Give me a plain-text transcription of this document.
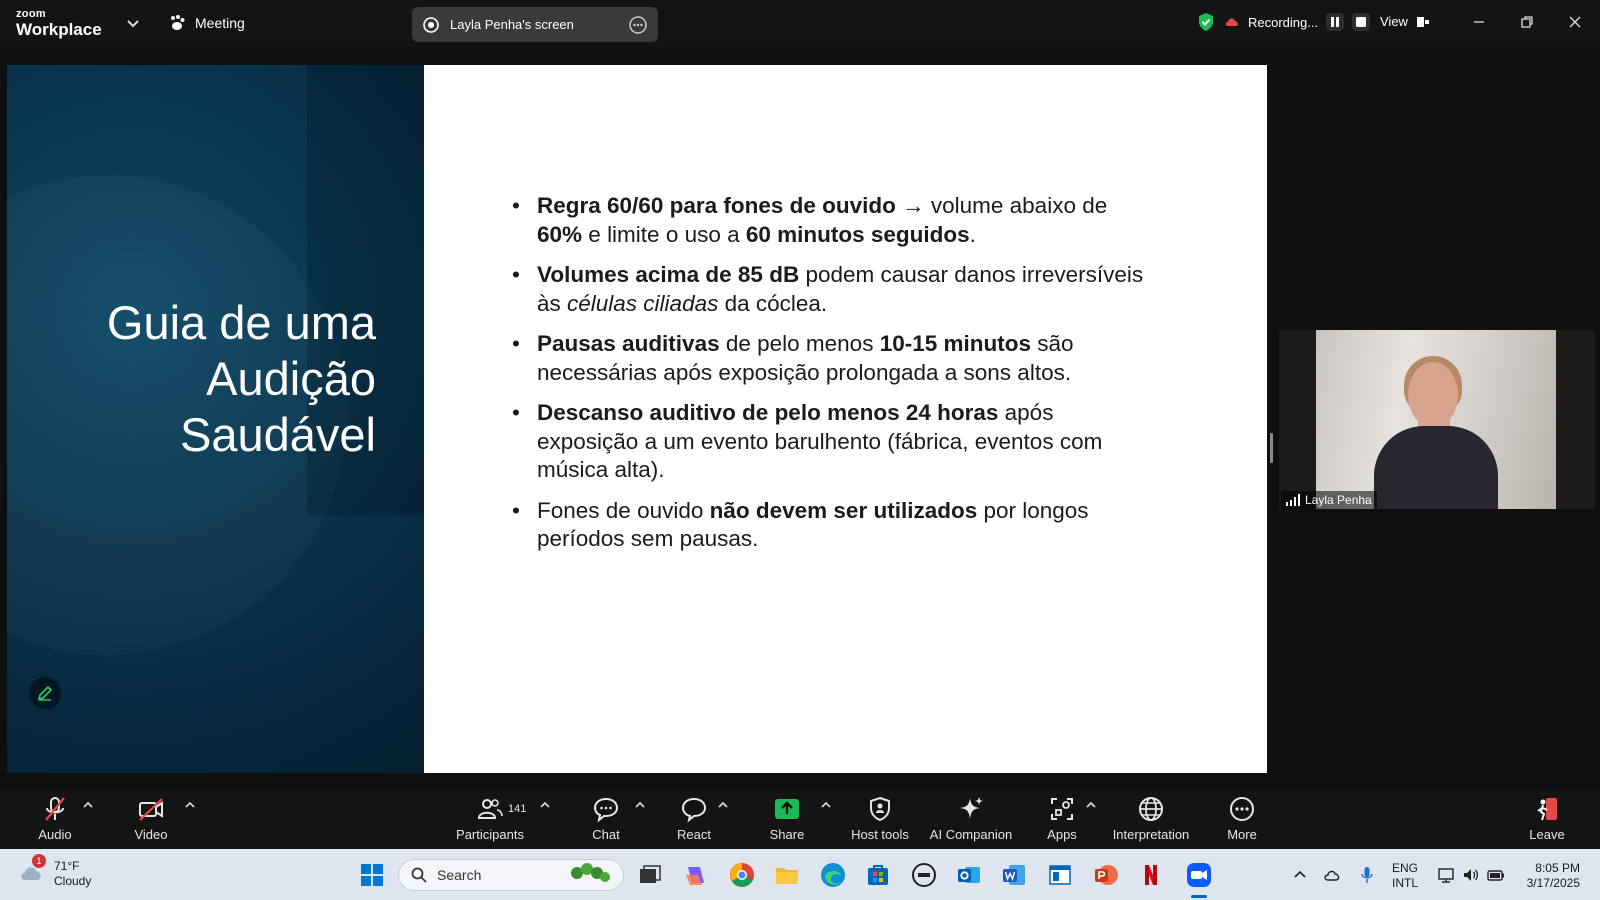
zoom
Workplace	Meeting	Layla Penha's screen	Recording...	View
Guia de uma
Audição
Saudável
• Regra 60/60 para fones de ouvido → volume abaixo de 60% e limite o uso a 60 minutos seguidos.
• Volumes acima de 85 dB podem causar danos irreversíveis às células ciliadas da cóclea.
• Pausas auditivas de pelo menos 10-15 minutos são necessárias após exposição prolongada a sons altos.
• Descanso auditivo de pelo menos 24 horas após exposição a um evento barulhento (fábrica, eventos com música alta).
• Fones de ouvido não devem ser utilizados por longos períodos sem pausas.
Layla Penha
Audio	Video	Participants
141
Chat	React	Share	Host tools AI Companion	Apps	Interpretation	More	Leave
1	71°F
Cloudy	Search	ENG
INTL
8:05 PM
3/17/2025
